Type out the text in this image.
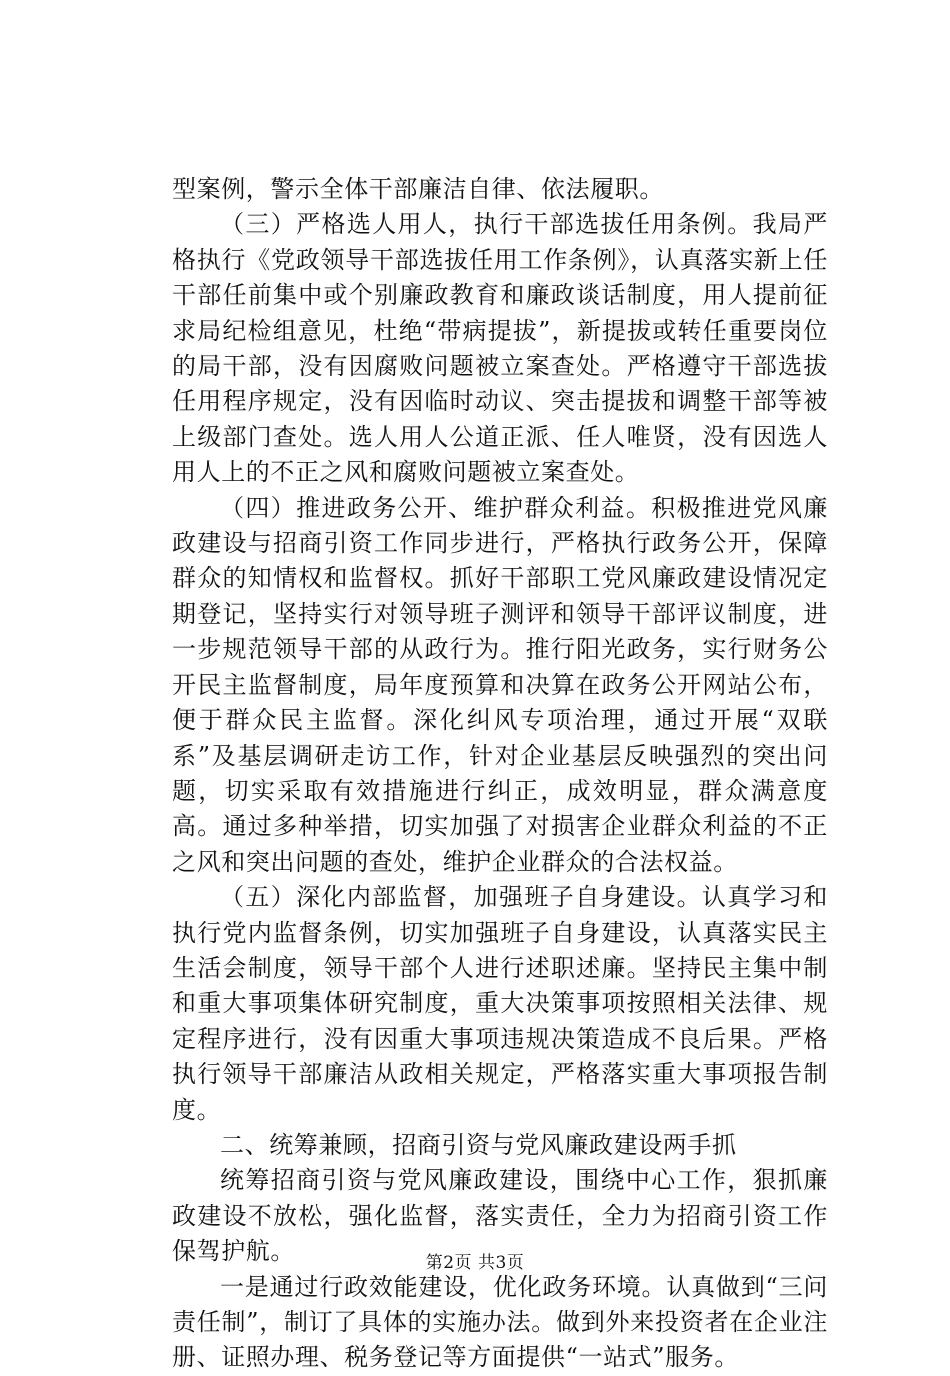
型案例，警示全体干部廉洁自律、依法履职。

（三）严格选人用人，执行干部选拔任用条例。我局严格执行《党政领导干部选拔任用工作条例》，认真落实新上任干部任前集中或个别廉政教育和廉政谈话制度，用人提前征求局纪检组意见，杜绝“带病提拔”，新提拔或转任重要岗位的局干部，没有因腐败问题被立案查处。严格遵守干部选拔任用程序规定，没有因临时动议、突击提拔和调整干部等被上级部门查处。选人用人公道正派、任人唯贤，没有因选人用人上的不正之风和腐败问题被立案查处。

（四）推进政务公开、维护群众利益。积极推进党风廉政建设与招商引资工作同步进行，严格执行政务公开，保障群众的知情权和监督权。抓好干部职工党风廉政建设情况定期登记，坚持实行对领导班子测评和领导干部评议制度，进一步规范领导干部的从政行为。推行阳光政务，实行财务公开民主监督制度，局年度预算和决算在政务公开网站公布，便于群众民主监督。深化纠风专项治理，通过开展“双联系”及基层调研走访工作，针对企业基层反映强烈的突出问题，切实采取有效措施进行纠正，成效明显，群众满意度高。通过多种举措，切实加强了对损害企业群众利益的不正之风和突出问题的查处，维护企业群众的合法权益。

（五）深化内部监督，加强班子自身建设。认真学习和执行党内监督条例，切实加强班子自身建设，认真落实民主生活会制度，领导干部个人进行述职述廉。坚持民主集中制和重大事项集体研究制度，重大决策事项按照相关法律、规定程序进行，没有因重大事项违规决策造成不良后果。严格执行领导干部廉洁从政相关规定，严格落实重大事项报告制度。

二、统筹兼顾，招商引资与党风廉政建设两手抓

统筹招商引资与党风廉政建设，围绕中心工作，狠抓廉政建设不放松，强化监督，落实责任，全力为招商引资工作保驾护航。

一是通过行政效能建设，优化政务环境。认真做到“三问责任制”，制订了具体的实施办法。做到外来投资者在企业注册、证照办理、税务登记等方面提供“一站式”服务。

第2页 共3页
